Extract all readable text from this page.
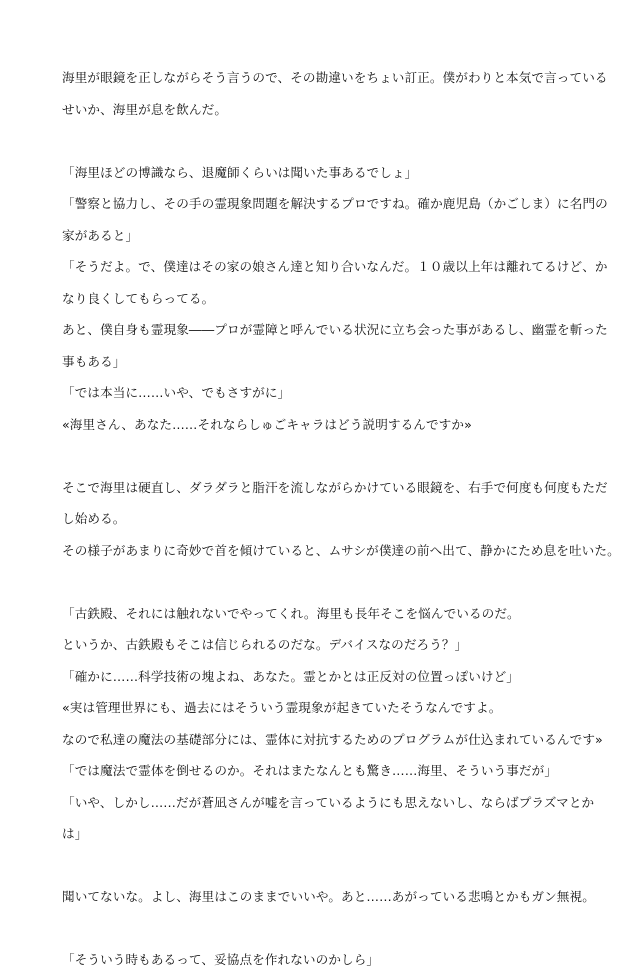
海里が眼鏡を正しながらそう言うので、その勘違いをちょい訂正。僕がわりと本気で言っている
せいか、海里が息を飲んだ。
「海里ほどの博識なら、退魔師くらいは聞いた事あるでしょ」
「警察と協力し、その手の霊現象問題を解決するプロですね。確か鹿児島（かごしま）に名門の
家があると」
「そうだよ。で、僕達はその家の娘さん達と知り合いなんだ。１０歳以上年は離れてるけど、か
なり良くしてもらってる。
あと、僕自身も霊現象――プロが霊障と呼んでいる状況に立ち会った事があるし、幽霊を斬った
事もある」
「では本当に……いや、でもさすがに」
«海里さん、あなた……それならしゅごキャラはどう説明するんですか»
そこで海里は硬直し、ダラダラと脂汗を流しながらかけている眼鏡を、右手で何度も何度もただ
し始める。
その様子があまりに奇妙で首を傾けていると、ムサシが僕達の前へ出て、静かにため息を吐いた。
「古鉄殿、それには触れないでやってくれ。海里も長年そこを悩んでいるのだ。
というか、古鉄殿もそこは信じられるのだな。デバイスなのだろう？」
「確かに……科学技術の塊よね、あなた。霊とかとは正反対の位置っぽいけど」
«実は管理世界にも、過去にはそういう霊現象が起きていたそうなんですよ。
なので私達の魔法の基礎部分には、霊体に対抗するためのプログラムが仕込まれているんです»
「では魔法で霊体を倒せるのか。それはまたなんとも驚き……海里、そういう事だが」
「いや、しかし……だが蒼凪さんが嘘を言っているようにも思えないし、ならばプラズマとか
は」
聞いてないな。よし、海里はこのままでいいや。あと……あがっている悲鳴とかもガン無視。
「そういう時もあるって、妥協点を作れないのかしら」
